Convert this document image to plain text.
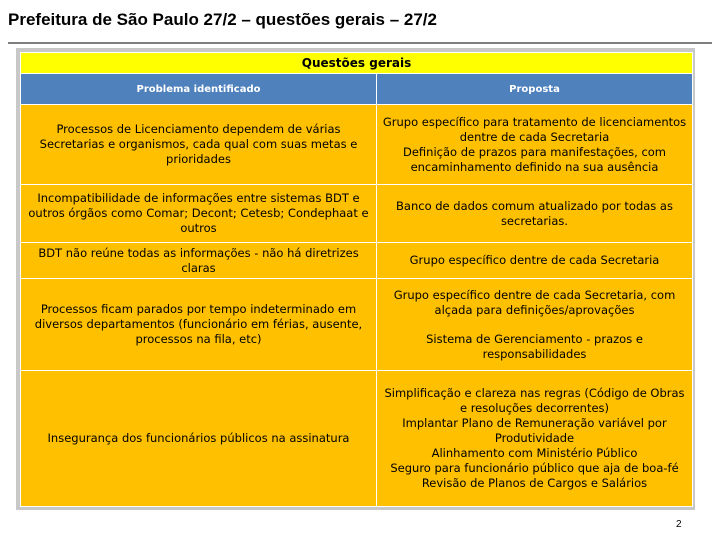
Prefeitura de São Paulo 27/2 – questões gerais – 27/2
Questões gerais	
Problema identificado	Proposta
Processos de Licenciamento dependem de várias Secretarias e organismos, cada qual com suas metas e prioridades	Grupo específico para tratamento de licenciamentos dentre de cada Secretaria
Definição de prazos para manifestações, com encaminhamento definido na sua ausência

Incompatibilidade de informações entre sistemas BDT e outros órgãos como Comar; Decont; Cetesb; Condephaat e outros	Banco de dados comum atualizado por todas as secretarias.
BDT não reúne todas as informações - não há diretrizes claras	Grupo específico dentre de cada Secretaria
Processos ficam parados por tempo indeterminado em diversos departamentos (funcionário em férias, ausente, processos na fila, etc)	Grupo específico dentre de cada Secretaria, com alçada para definições/aprovações
Sistema de Gerenciamento - prazos e responsabilidades

Insegurança dos funcionários públicos na assinatura	Simplificação e clareza nas regras (Código de Obras e resoluções decorrentes)
Implantar Plano de Remuneração variável por Produtividade
Alinhamento com Ministério Público
Seguro para funcionário público que aja de boa-fé
Revisão de Planos de Cargos e Salários
2
